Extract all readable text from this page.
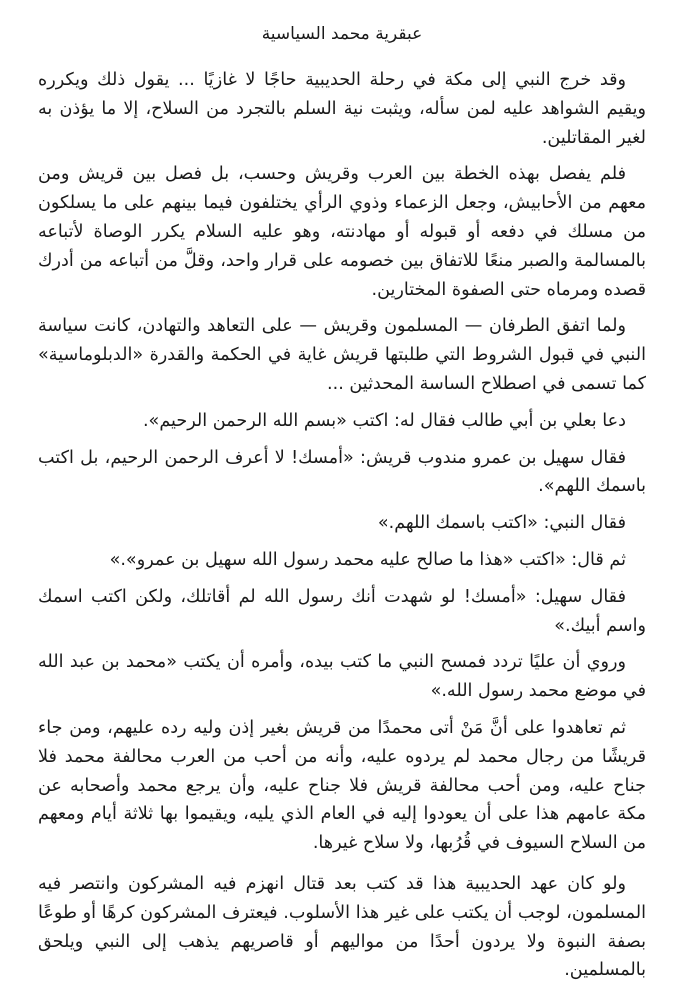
عبقرية محمد السياسية

وقد خرج النبي إلى مكة في رحلة الحديبية حاجًا لا غازيًا ... يقول ذلك ويكرره ويقيم الشواهد عليه لمن سأله، ويثبت نية السلم بالتجرد من السلاح، إلا ما يؤذن به لغير المقاتلين.

فلم يفصل بهذه الخطة بين العرب وقريش وحسب، بل فصل بين قريش ومن معهم من الأحابيش، وجعل الزعماء وذوي الرأي يختلفون فيما بينهم على ما يسلكون من مسلك في دفعه أو قبوله أو مهادنته، وهو عليه السلام يكرر الوصاة لأتباعه بالمسالمة والصبر منعًا للاتفاق بين خصومه على قرار واحد، وقلَّ من أتباعه من أدرك قصده ومرماه حتى الصفوة المختارين.

ولما اتفق الطرفان — المسلمون وقريش — على التعاهد والتهادن، كانت سياسة النبي في قبول الشروط التي طلبتها قريش غاية في الحكمة والقدرة «الدبلوماسية» كما تسمى في اصطلاح الساسة المحدثين ...

دعا بعلي بن أبي طالب فقال له: اكتب «بسم الله الرحمن الرحيم».

فقال سهيل بن عمرو مندوب قريش: «أمسك! لا أعرف الرحمن الرحيم، بل اكتب باسمك اللهم».

فقال النبي: «اكتب باسمك اللهم.»

ثم قال: «اكتب «هذا ما صالح عليه محمد رسول الله سهيل بن عمرو».»

فقال سهيل: «أمسك! لو شهدت أنك رسول الله لم أقاتلك، ولكن اكتب اسمك واسم أبيك.»

وروي أن عليًا تردد فمسح النبي ما كتب بيده، وأمره أن يكتب «محمد بن عبد الله في موضع محمد رسول الله.»

ثم تعاهدوا على أنَّ مَنْ أتى محمدًا من قريش بغير إذن وليه رده عليهم، ومن جاء قريشًا من رجال محمد لم يردوه عليه، وأنه من أحب من العرب محالفة محمد فلا جناح عليه، ومن أحب محالفة قريش فلا جناح عليه، وأن يرجع محمد وأصحابه عن مكة عامهم هذا على أن يعودوا إليه في العام الذي يليه، ويقيموا بها ثلاثة أيام ومعهم من السلاح السيوف في قُرُبها، ولا سلاح غيرها.

ولو كان عهد الحديبية هذا قد كتب بعد قتال انهزم فيه المشركون وانتصر فيه المسلمون، لوجب أن يكتب على غير هذا الأسلوب. فيعترف المشركون كرهًا أو طوعًا بصفة النبوة ولا يردون أحدًا من مواليهم أو قاصريهم يذهب إلى النبي ويلحق بالمسلمين.
